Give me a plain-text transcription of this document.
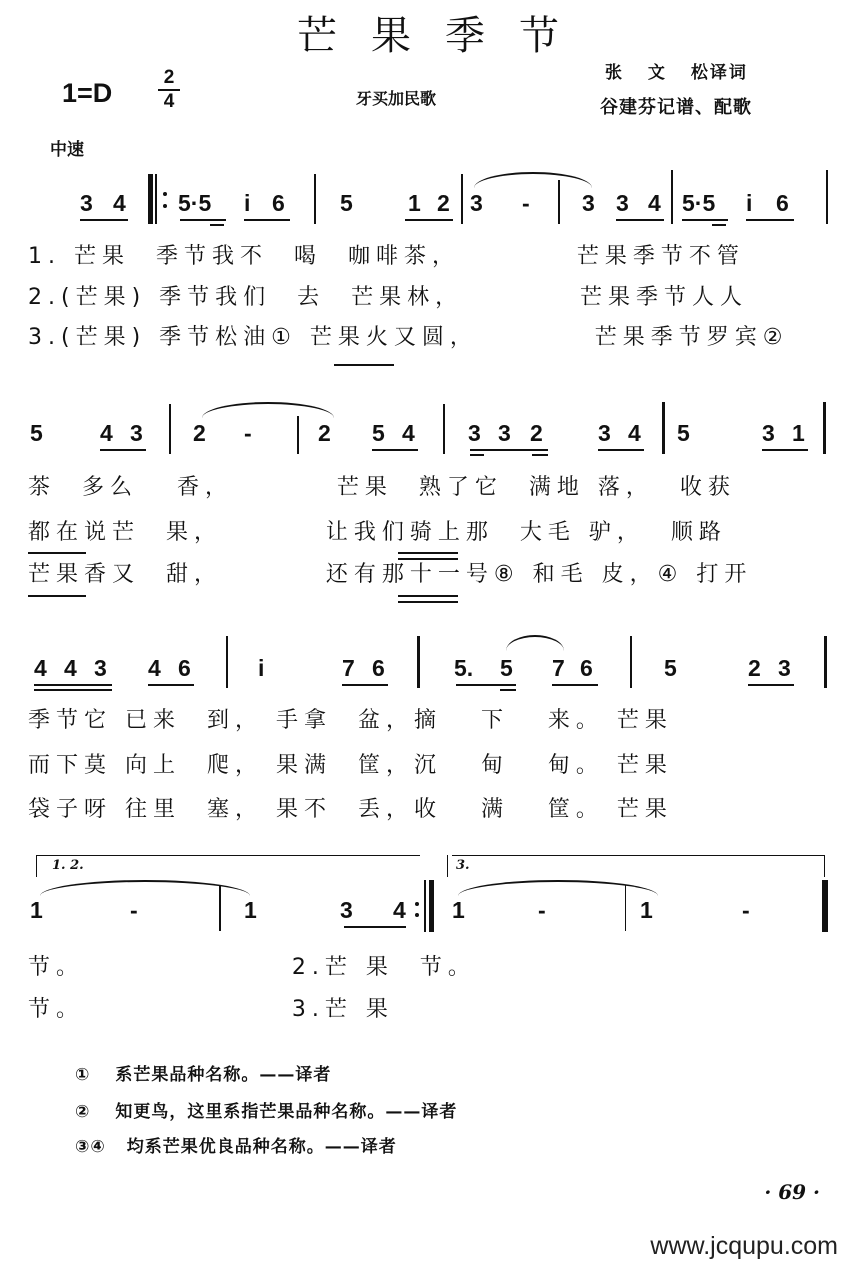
芒果季节
1=D
2
4	牙买加民歌
张 文 松译词
谷建芬记谱、配歌
中速
3 4 5·5 i 6 5 1 2 3 - 3 3 4 5·5 i 6
1. 芒果  季节我不  喝  咖啡茶，         芒果季节不管
2.(芒果) 季节我们  去  芒果林，         芒果季节人人
3.(芒果) 季节松油① 芒果火又圆，         芒果季节罗宾②
5 4 3 2 -	2 5 4 3 3 2 3 4 5	3 1
茶  多么   香，        芒果  熟了它  满地 落，  收获
都在说芒  果，        让我们骑上那  大毛 驴，  顺路
芒果香又  甜，        还有那十一号⑧ 和毛 皮，④ 打开
4 4 3 4 6	i	7 6	5. 5 7 6	5	2 3
季节它 已来  到， 手拿  盆，摘   下   来。 芒果
而下莫 向上  爬， 果满  筐，沉   甸   甸。 芒果
袋子呀 往里  塞， 果不  丢，收   满   筐。 芒果
1. 2.	3.
1	-	1	3 4 1	-	1	-
节。                2.芒 果  节。
节。                3.芒 果
① 系芒果品种名称。——译者
② 知更鸟，这里系指芒果品种名称。——译者
③④ 均系芒果优良品种名称。——译者
· 69 ·
www.jcqupu.com
